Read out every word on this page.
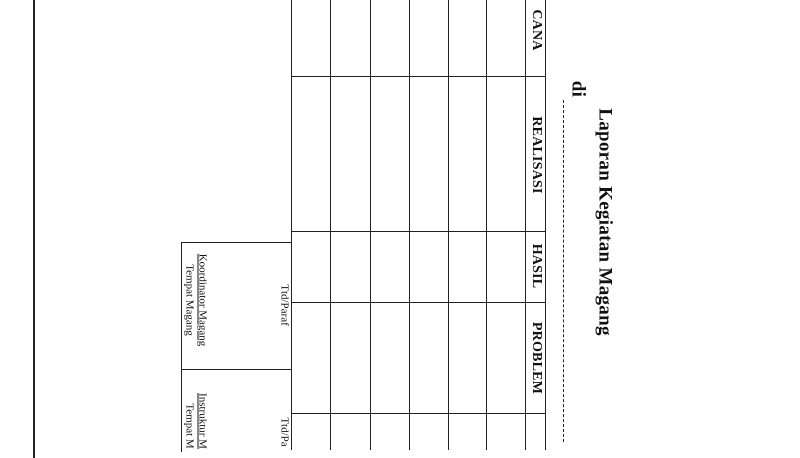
Laporan Kegiatan Magang
di
CANA
REALISASI
HASIL
PROBLEM
Ttd/Paraf
Ttd/Pa
Koordinator Magang
Tempat Magang
Instruktur M
Tempat M
